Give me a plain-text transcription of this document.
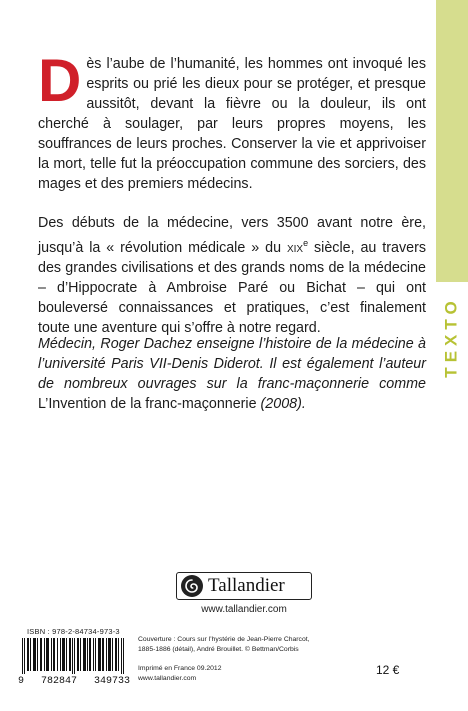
TEXTO
Dès l’aube de l’humanité, les hommes ont invoqué les esprits ou prié les dieux pour se protéger, et presque aussitôt, devant la fièvre ou la douleur, ils ont cherché à soulager, par leurs propres moyens, les souffrances de leurs proches. Conserver la vie et apprivoiser la mort, telle fut la préoccupation commune des sorciers, des mages et des premiers médecins.
Des débuts de la médecine, vers 3500 avant notre ère, jusqu’à la « révolution médicale » du xix$^e$ siècle, au travers des grandes civilisations et des grands noms de la médecine – d’Hippocrate à Ambroise Paré ou Bichat – qui ont bouleversé connaissances et pratiques, c’est finalement toute une aventure qui s’offre à notre regard.
Médecin, Roger Dachez enseigne l’histoire de la médecine à l’université Paris VII-Denis Diderot. Il est également l’auteur de nombreux ouvrages sur la franc-maçonnerie comme L’Invention de la franc-maçonnerie (2008).
Tallandier
www.tallandier.com
ISBN : 978-2-84734-973-3
9 782847 349733
Couverture : Cours sur l’hystérie de Jean-Pierre Charcot,
1885-1886 (détail), André Brouillet. © Bettman/Corbis
Imprimé en France 09.2012
www.tallandier.com
12 €
